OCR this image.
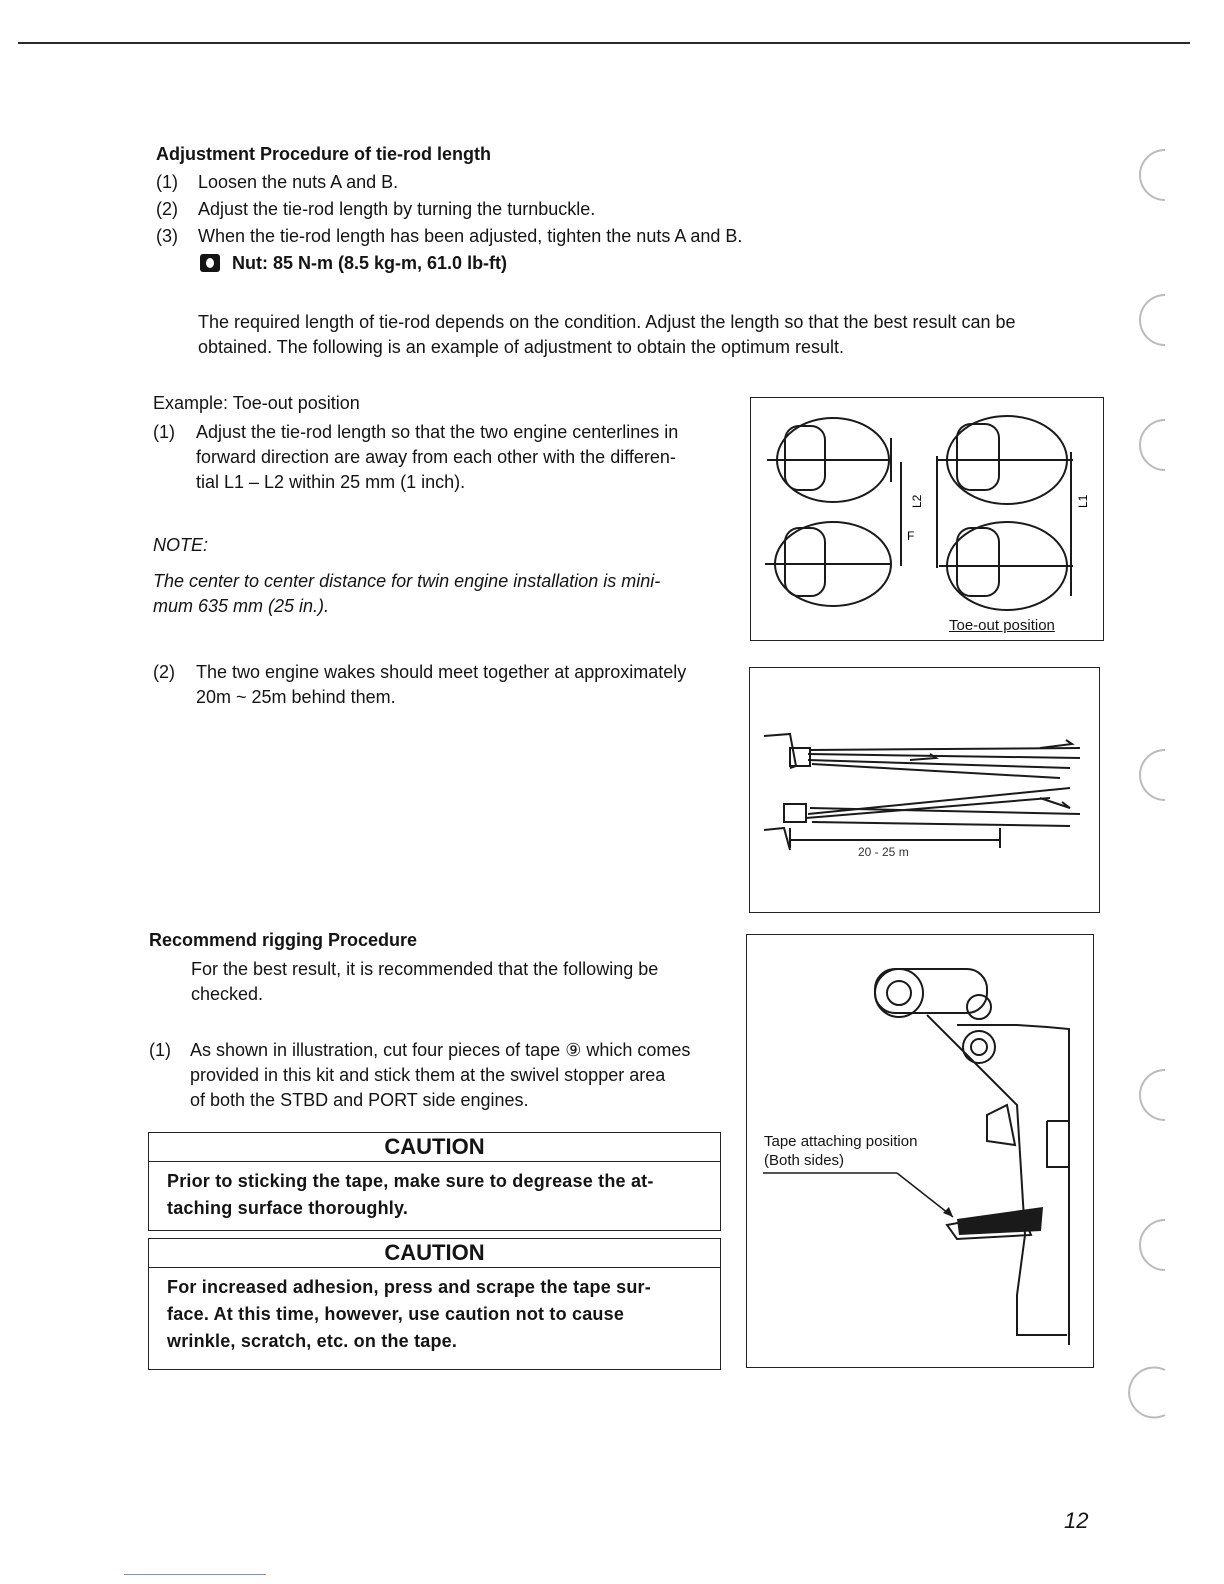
Adjustment Procedure of tie-rod length
(1)	Loosen the nuts A and B.
(2)	Adjust the tie-rod length by turning the turnbuckle.
(3)	When the tie-rod length has been adjusted, tighten the nuts A and B.
Nut: 85 N-m (8.5 kg-m, 61.0 lb-ft)
The required length of tie-rod depends on the condition. Adjust the length so that the best result can be
obtained. The following is an example of adjustment to obtain the optimum result.
Example: Toe-out position
(1) Adjust the tie-rod length so that the two engine centerlines in
forward direction are away from each other with the differen-
tial L1 – L2 within 25 mm (1 inch).
NOTE:
The center to center distance for twin engine installation is mini-
mum 635 mm (25 in.).
(2) The two engine wakes should meet together at approximately
20m ~ 25m behind them.
L2	L1
F
Toe-out position
20 - 25 m
Recommend rigging Procedure
For the best result, it is recommended that the following be
checked.
(1) As shown in illustration, cut four pieces of tape ⑨ which comes
provided in this kit and stick them at the swivel stopper area
of both the STBD and PORT side engines.
CAUTION
Prior to sticking the tape, make sure to degrease the at-
taching surface thoroughly.
CAUTION
For increased adhesion, press and scrape the tape sur-
face. At this time, however, use caution not to cause
wrinkle, scratch, etc. on the tape.
Tape attaching position
(Both sides)
12
